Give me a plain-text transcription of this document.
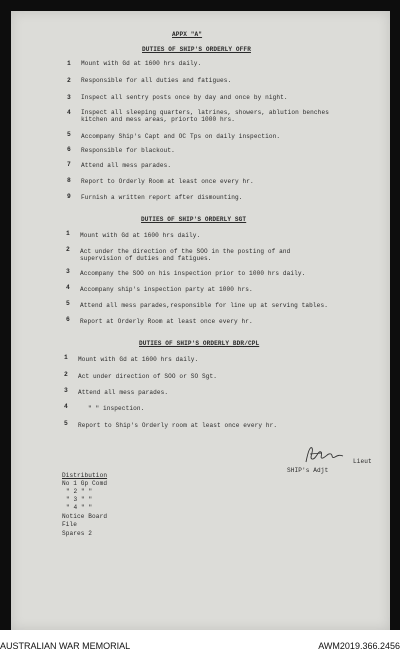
APPX "A"
DUTIES OF SHIP'S ORDERLY OFFR
1 Mount with Gd at 1600 hrs daily.
2 Responsible for all duties and fatigues.
3 Inspect all sentry posts once by day and once by night.
4 Inspect all sleeping quarters, latrines, showers, ablution benches
kitchen and mess areas, priorto 1000 hrs.
5 Accompany Ship's Capt and OC Tps on daily inspection.
6 Responsible for blackout.
7 Attend all mess parades.
8 Report to Orderly Room at least once every hr.
9 Furnish a written report after dismounting.
DUTIES OF SHIP'S ORDERLY SGT
1 Mount with Gd at 1600 hrs daily.
2 Act under the direction of the SOO in the posting of and
supervision of duties and fatigues.
3 Accompany the SOO on his inspection prior to 1000 hrs daily.
4 Accompany ship's inspection party at 1000 hrs.
5 Attend all mess parades,responsible for line up at serving tables.
6 Report at Orderly Room at least once every hr.
DUTIES OF SHIP'S ORDERLY BDR/CPL
1 Mount with Gd at 1600 hrs daily.
2 Act under direction of SOO or SO Sgt.
3 Attend all mess parades.
4	" " inspection.
5 Report to Ship's Orderly room at least once every hr.
Lieut
SHIP's Adjt
Distribution
No 1 Gp Comd
" 2 " "
" 3 " "
" 4 " "
Notice Board
File
Spares 2
AUSTRALIAN WAR MEMORIAL	AWM2019.366.2456
